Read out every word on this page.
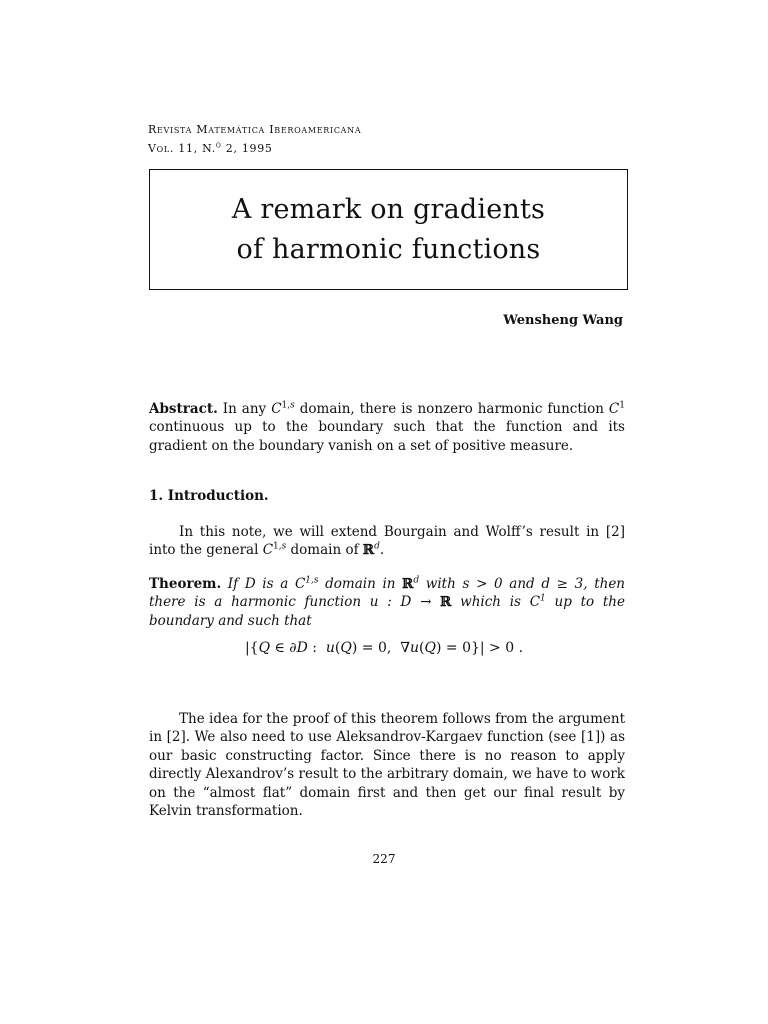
Revista Matemática Iberoamericana
Vol. 11, N.$^o$ 2, 1995
A remark on gradients
of harmonic functions
Wensheng Wang
Abstract. In any C$^{1,s}$ domain, there is nonzero harmonic function $C^1$ continuous up to the boundary such that the function and its gradient on the boundary vanish on a set of positive measure.
1. Introduction.
In this note, we will extend Bourgain and Wolff’s result in [2] into the general C$^{1,s}$ domain of ℝ$^d$.
Theorem. If D is a C$^{1,s}$ domain in ℝ$^d$ with s > 0 and d ≥ 3, then there is a harmonic function u : D → ℝ which is $C^1$ up to the boundary and such that
|{Q ∈ ∂D :  u(Q) = 0,  ∇u(Q) = 0}| > 0 .
The idea for the proof of this theorem follows from the argument in [2]. We also need to use Aleksandrov-Kargaev function (see [1]) as our basic constructing factor. Since there is no reason to apply directly Alexandrov’s result to the arbitrary domain, we have to work on the “almost flat” domain first and then get our final result by Kelvin transformation.
227
